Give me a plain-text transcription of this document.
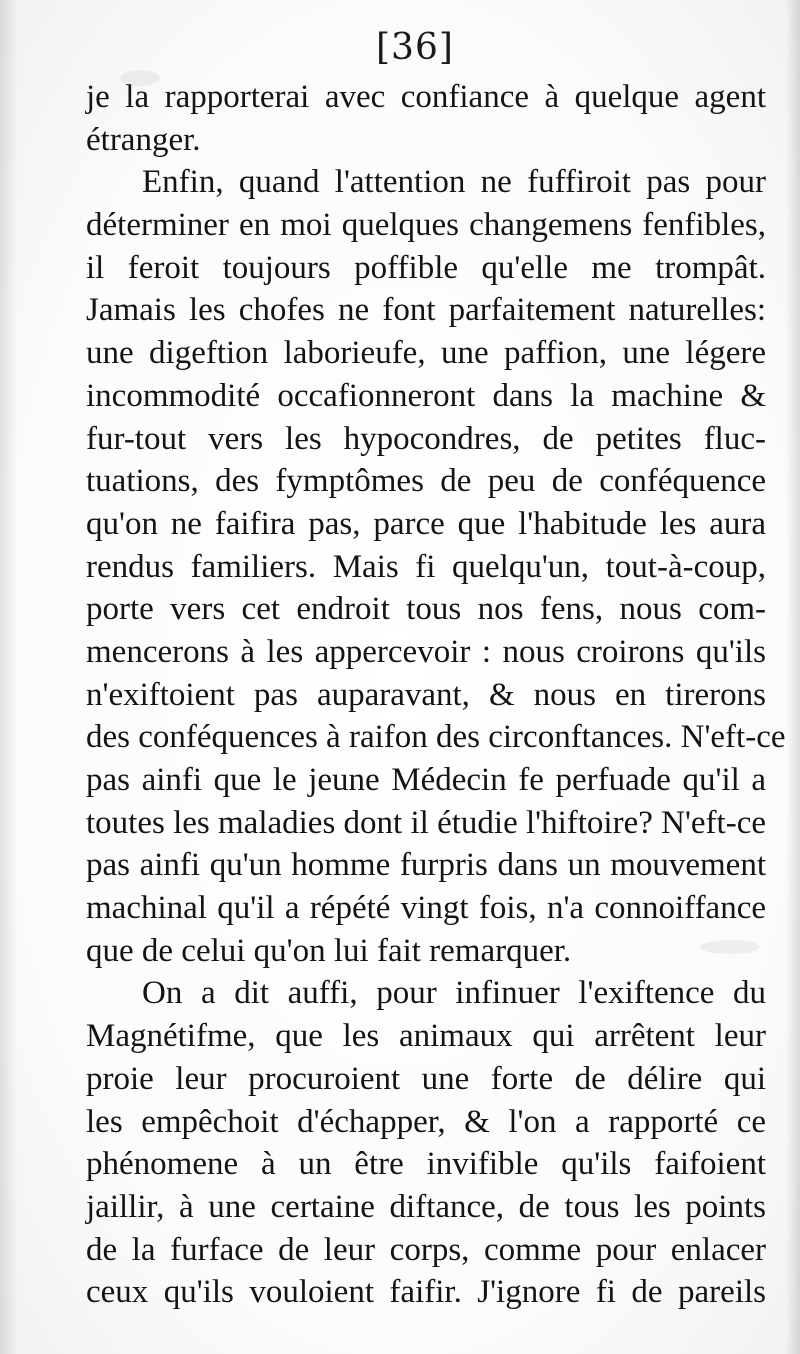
[36]
je la rapporterai avec confiance à quelque agent
étranger.
Enfin, quand l'attention ne fuffiroit pas pour
déterminer en moi quelques changemens fenfibles,
il feroit toujours poffible qu'elle me trompât.
Jamais les chofes ne font parfaitement naturelles:
une digeftion laborieufe, une paffion, une légere
incommodité occafionneront dans la machine &
fur-tout vers les hypocondres, de petites fluc-
tuations, des fymptômes de peu de conféquence
qu'on ne faifira pas, parce que l'habitude les aura
rendus familiers. Mais fi quelqu'un, tout-à-coup,
porte vers cet endroit tous nos fens, nous com-
mencerons à les appercevoir : nous croirons qu'ils
n'exiftoient pas auparavant, & nous en tirerons
des conféquences à raifon des circonftances. N'eft-ce
pas ainfi que le jeune Médecin fe perfuade qu'il a
toutes les maladies dont il étudie l'hiftoire? N'eft-ce
pas ainfi qu'un homme furpris dans un mouvement
machinal qu'il a répété vingt fois, n'a connoiffance
que de celui qu'on lui fait remarquer.
On a dit auffi, pour infinuer l'exiftence du
Magnétifme, que les animaux qui arrêtent leur
proie leur procuroient une forte de délire qui
les empêchoit d'échapper, & l'on a rapporté ce
phénomene à un être invifible qu'ils faifoient
jaillir, à une certaine diftance, de tous les points
de la furface de leur corps, comme pour enlacer
ceux qu'ils vouloient faifir. J'ignore fi de pareils
